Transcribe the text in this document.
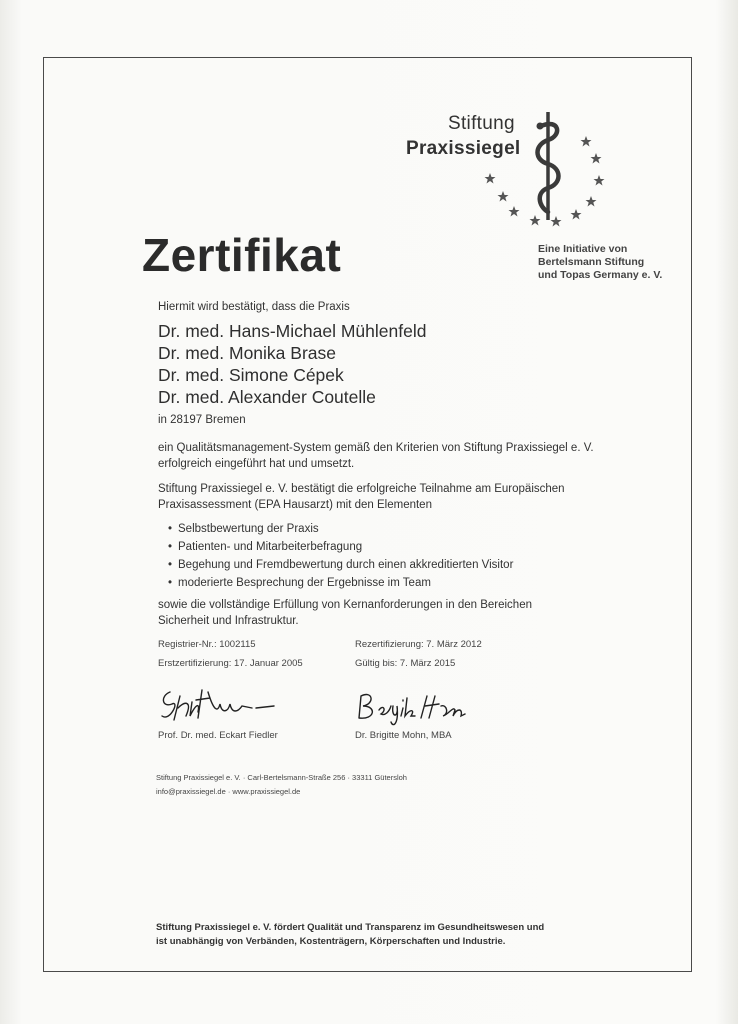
Stiftung
Praxissiegel
Eine Initiative von
Bertelsmann Stiftung
und Topas Germany e. V.
Zertifikat
Hiermit wird bestätigt, dass die Praxis
Dr. med. Hans-Michael Mühlenfeld
Dr. med. Monika Brase
Dr. med. Simone Cépek
Dr. med. Alexander Coutelle
in 28197 Bremen
ein Qualitätsmanagement-System gemäß den Kriterien von Stiftung Praxissiegel e. V.
erfolgreich eingeführt hat und umsetzt.
Stiftung Praxissiegel e. V. bestätigt die erfolgreiche Teilnahme am Europäischen
Praxisassessment (EPA Hausarzt) mit den Elementen
• Selbstbewertung der Praxis
• Patienten- und Mitarbeiterbefragung
• Begehung und Fremdbewertung durch einen akkreditierten Visitor
• moderierte Besprechung der Ergebnisse im Team
sowie die vollständige Erfüllung von Kernanforderungen in den Bereichen
Sicherheit und Infrastruktur.
Registrier-Nr.: 1002115
Erstzertifizierung: 17. Januar 2005
Rezertifizierung: 7. März 2012
Gültig bis: 7. März 2015
Prof. Dr. med. Eckart Fiedler	Dr. Brigitte Mohn, MBA
Stiftung Praxissiegel e. V. · Carl-Bertelsmann-Straße 256 · 33311 Gütersloh
info@praxissiegel.de · www.praxissiegel.de
Stiftung Praxissiegel e. V. fördert Qualität und Transparenz im Gesundheitswesen und
ist unabhängig von Verbänden, Kostenträgern, Körperschaften und Industrie.
